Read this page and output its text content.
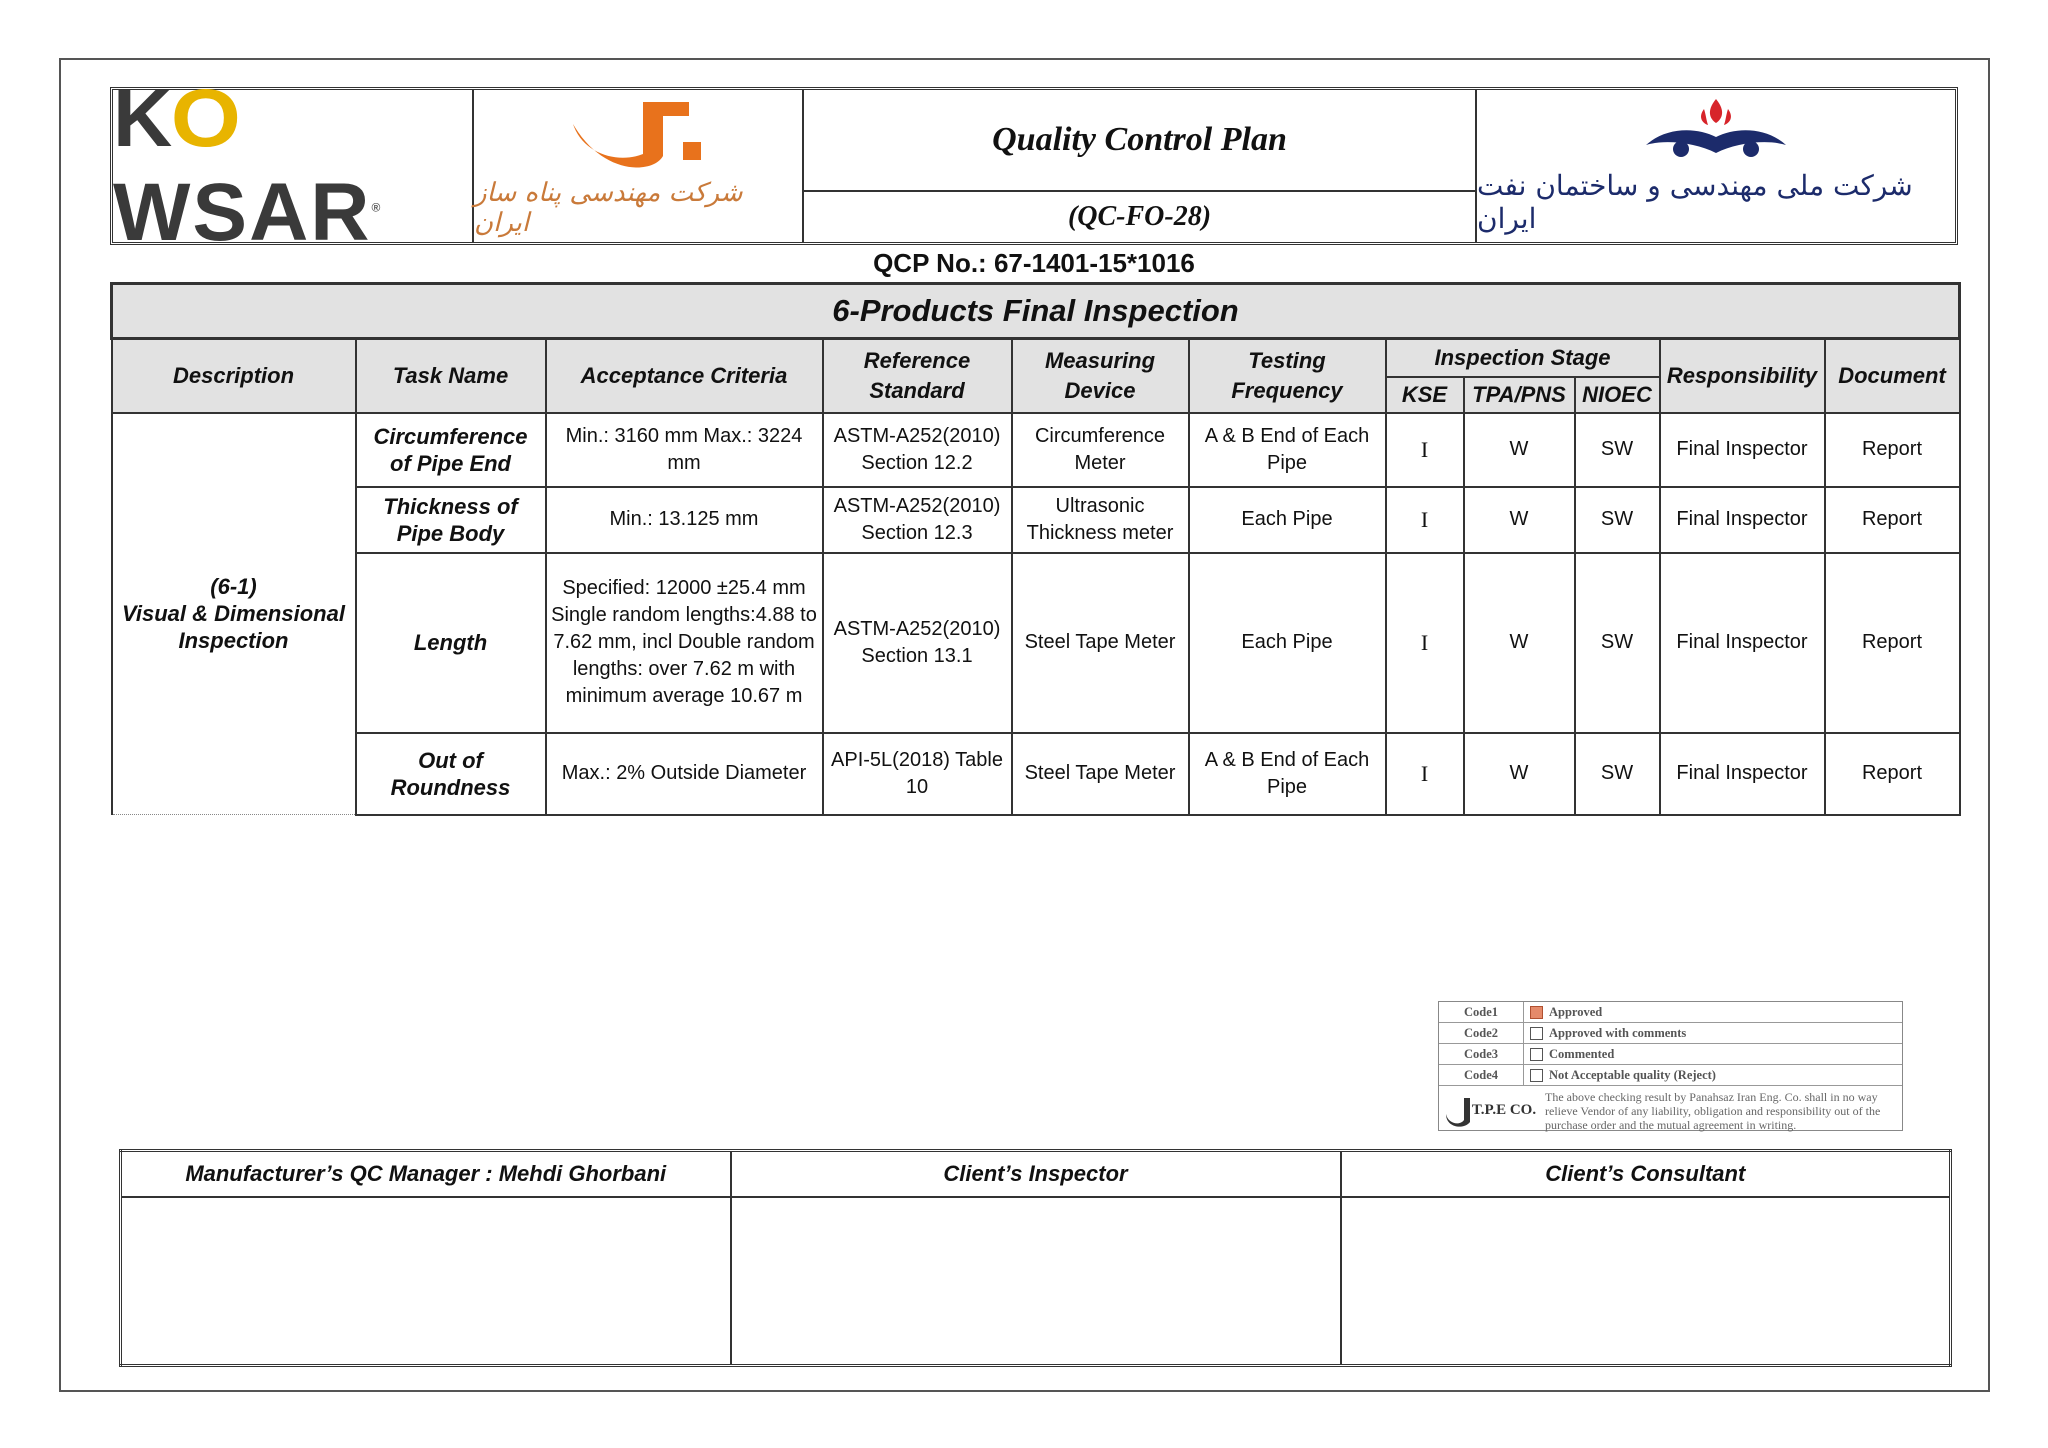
KOWSAR®	شرکت مهندسی پناه ساز ایران
Quality Control Plan
(QC-FO-28)
شرکت ملی مهندسی و ساختمان نفت ایران
QCP No.: 67-1401-15*1016
6-Products Final Inspection										
Description	Task Name	Acceptance Criteria	Reference Standard	Measuring Device	Testing Frequency	Inspection Stage			Responsibility	Document
						KSE	TPA/PNS	NIOEC		

(6-1)
Visual & Dimensional Inspection	Circumference of Pipe End	Min.: 3160 mm Max.: 3224 mm	ASTM-A252(2010) Section 12.2	Circumference Meter	A & B End of Each Pipe	I	W	SW	Final Inspector	Report
	Thickness of Pipe Body	Min.: 13.125 mm	ASTM-A252(2010) Section 12.3	Ultrasonic Thickness meter	Each Pipe	I	W	SW	Final Inspector	Report
	Length	Specified: 12000 ±25.4 mm Single random lengths:4.88 to 7.62 mm, incl Double random lengths: over 7.62 m with minimum average 10.67 m	ASTM-A252(2010) Section 13.1	Steel Tape Meter	Each Pipe	I	W	SW	Final Inspector	Report
	Out of Roundness	Max.: 2% Outside Diameter	API-5L(2018) Table 10	Steel Tape Meter	A & B End of Each Pipe	I	W	SW	Final Inspector	Report
Code1	Approved
Code2	Approved with comments
Code3	Commented
Code4	Not Acceptable quality (Reject)
T.P.E CO.
The above checking result by Panahsaz Iran Eng. Co. shall in no way relieve Vendor of any liability, obligation and responsibility out of the purchase order and the mutual agreement in writing.
Manufacturer’s QC Manager : Mehdi Ghorbani	Client’s Inspector	Client’s Consultant
